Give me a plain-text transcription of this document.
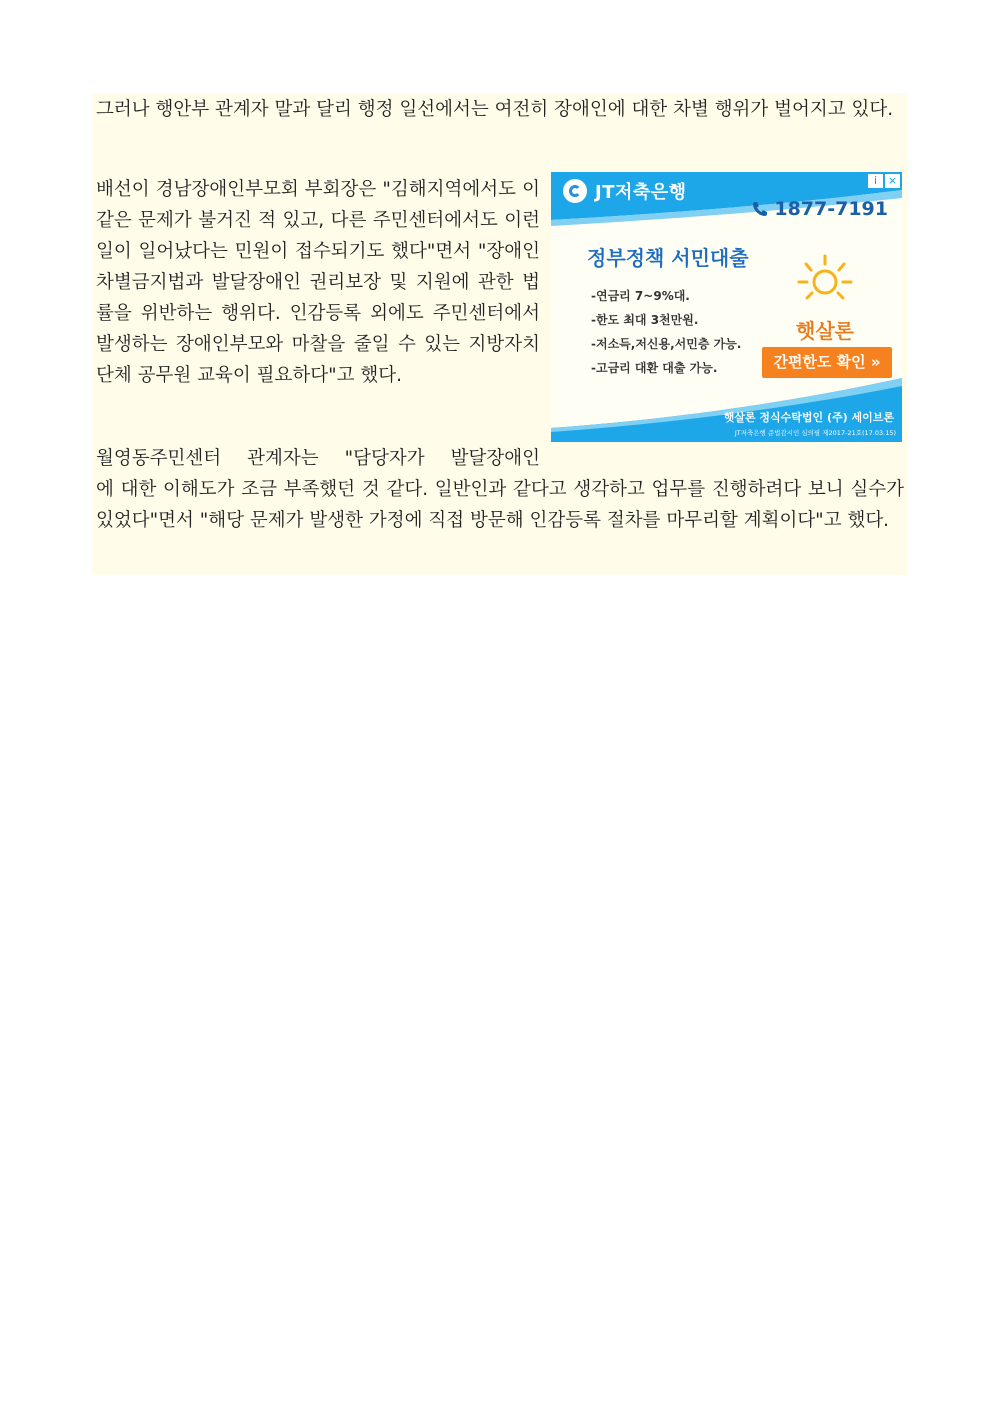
그러나 행안부 관계자 말과 달리 행정 일선에서는 여전히 장애인에 대한 차별 행위가 벌어지고 있다.

배선이 경남장애인부모회 부회장은 "김해지역에서도 이 같은 문제가 불거진 적 있고, 다른 주민센터에서도 이런 일이 일어났다는 민원이 접수되기도 했다"면서 "장애인차별금지법과 발달장애인 권리보장 및 지원에 관한 법률을 위반하는 행위다. 인감등록 외에도 주민센터에서 발생하는 장애인부모와 마찰을 줄일 수 있는 지방자치단체 공무원 교육이 필요하다"고 했다.

JT저축은행
i ×
1877-7191
정부정책 서민대출
-연금리 7~9%대.
-한도 최대 3천만원.
-저소득,저신용,서민층 가능.
-고금리 대환 대출 가능.
햇살론
간편한도 확인 »
햇살론 정식수탁법인 (주) 세이브론
JT저축은행 준법감시인 심의필 제2017-21호(17.03.15)

월영동주민센터 관계자는 "담당자가 발달장애인
에 대한 이해도가 조금 부족했던 것 같다. 일반인과 같다고 생각하고 업무를 진행하려다 보니 실수가 있었다"면서 "해당 문제가 발생한 가정에 직접 방문해 인감등록 절차를 마무리할 계획이다"고 했다.
